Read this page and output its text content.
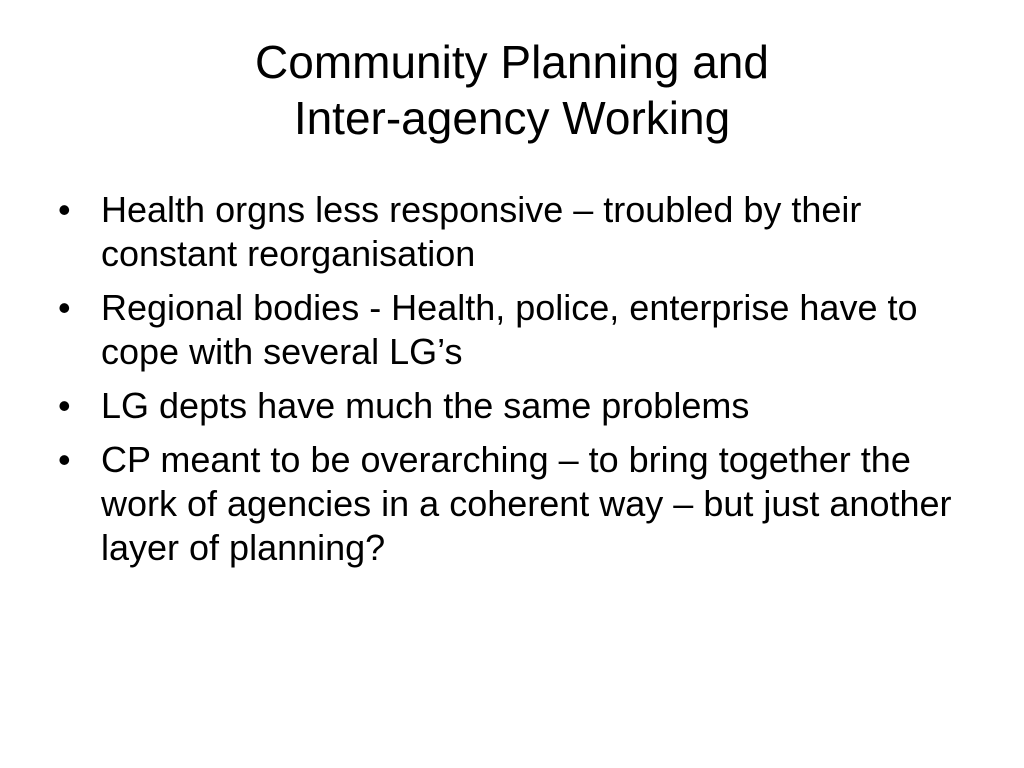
Community Planning and
Inter-agency Working
• Health orgns less responsive – troubled by their constant reorganisation
• Regional bodies - Health, police, enterprise have to cope with several LG’s
• LG depts have much the same problems
• CP meant to be overarching – to bring together the work of agencies in a coherent way – but just another layer of planning?
